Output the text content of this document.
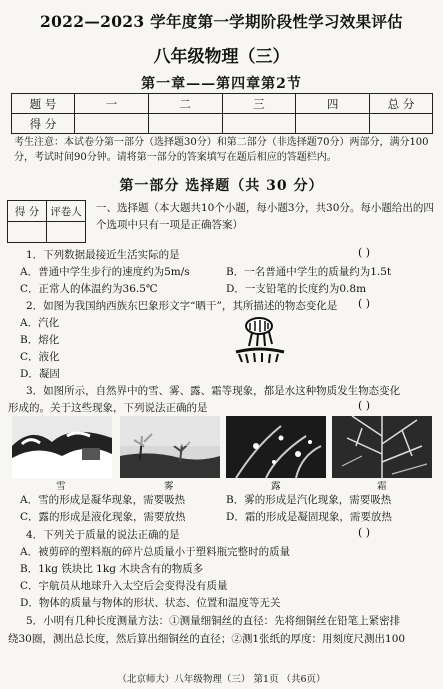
2022—2023 学年度第一学期阶段性学习效果评估
八年级物理（三）
第一章——第四章第2节
题 号	一	二	三	四	总 分
得 分					
考生注意：本试卷分第一部分（选择题30分）和第二部分（非选择题70分）两部分，满分100分，考试时间90分钟。请将第一部分的答案填写在题后相应的答题栏内。
第一部分 选择题（共 30 分）
得 分	评卷人
	一、选择题（本大题共10个小题，每小题3分，共30分。每小题给出的四个选项中只有一项是正确答案）
1．下列数据最接近生活实际的是	( )
A．普通中学生步行的速度约为5m/s	B．一名普通中学生的质量约为1.5t
C．正常人的体温约为36.5℃	D．一支铅笔的长度约为0.8m
2．如图为我国纳西族东巴象形文字“晒干”，其所描述的物态变化是 ( )
A．汽化
B．熔化
C．液化
D．凝固
3．如图所示，自然界中的雪、雾、露、霜等现象，都是水这种物质发生物态变化
形成的。关于这些现象，下列说法正确的是	( )
雪	雾	露	霜
A．雪的形成是凝华现象，需要吸热	B．雾的形成是汽化现象，需要吸热
C．露的形成是液化现象，需要放热	D．霜的形成是凝固现象，需要放热
4．下列关于质量的说法正确的是	( )
A．被剪碎的塑料瓶的碎片总质量小于塑料瓶完整时的质量
B．1kg 铁块比 1kg 木块含有的物质多
C．宇航员从地球升入太空后会变得没有质量
D．物体的质量与物体的形状、状态、位置和温度等无关
5．小明有几种长度测量方法：①测量细铜丝的直径：先将细铜丝在铅笔上紧密排
绕30圈，测出总长度，然后算出细铜丝的直径；②测1张纸的厚度：用刻度尺测出100
（北京师大）八年级物理（三） 第1页 （共6页）
